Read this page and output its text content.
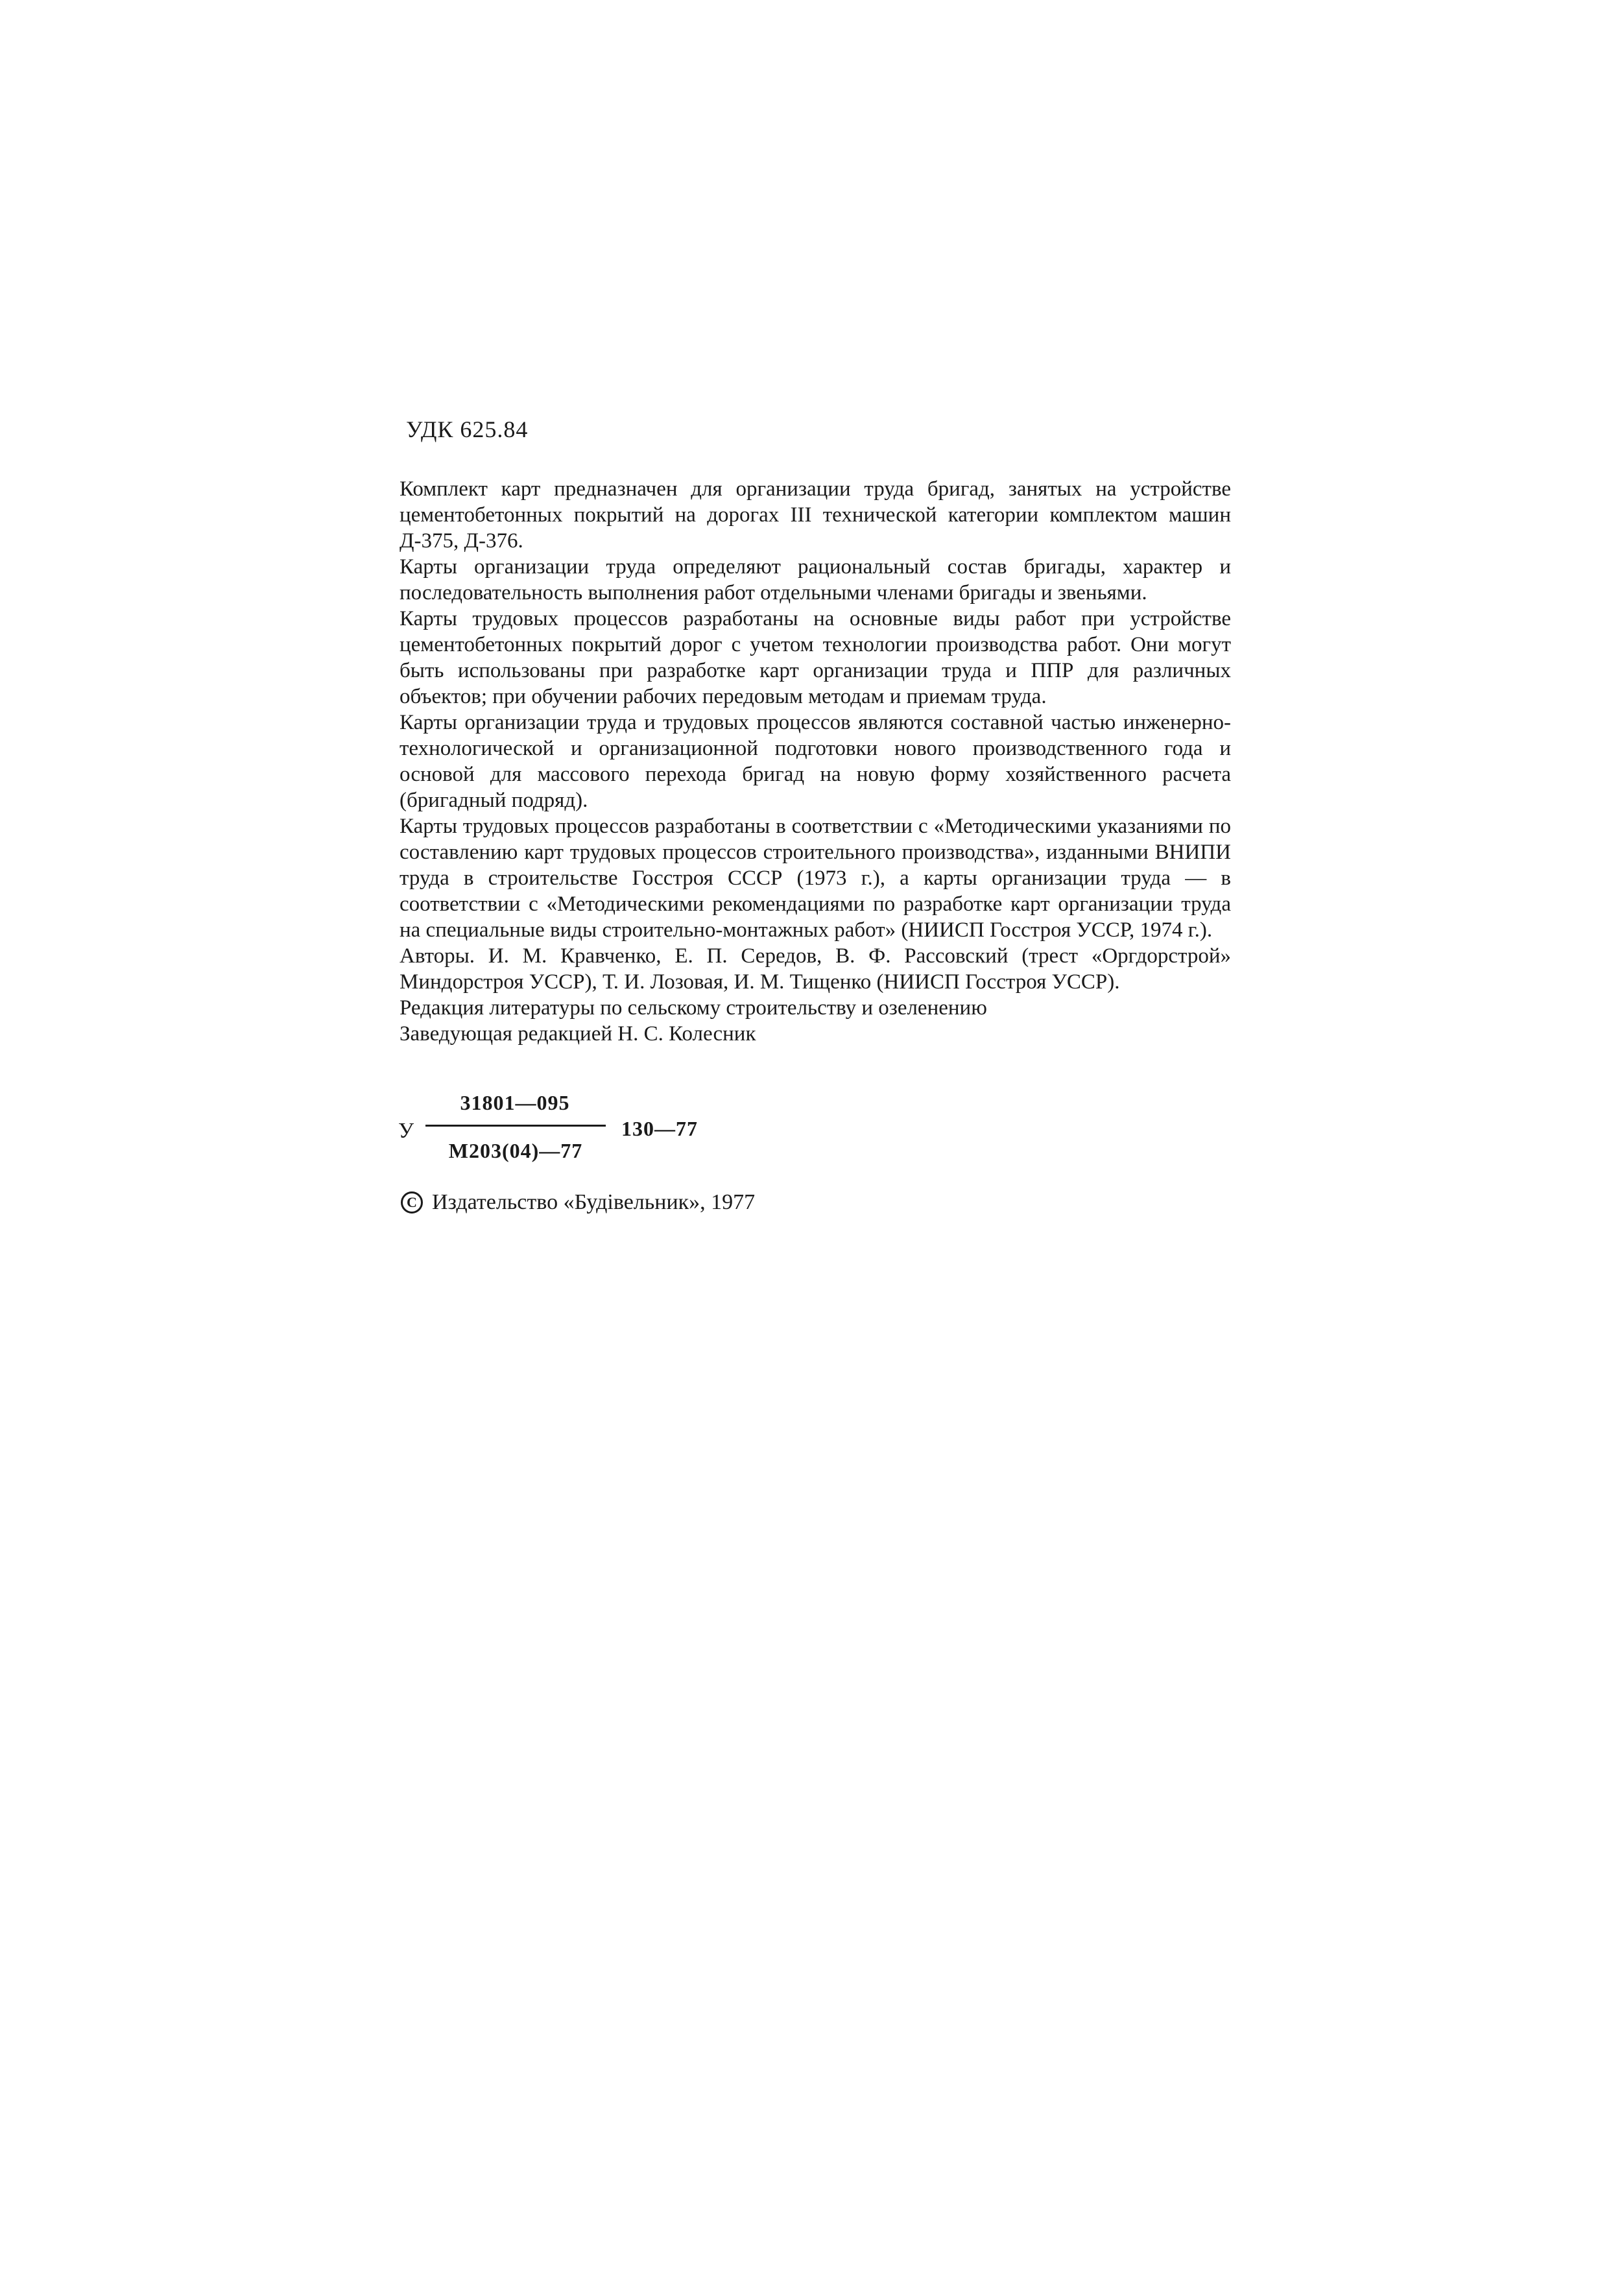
УДК 625.84

Комплект карт предназначен для организации труда бригад, занятых на устройстве цементобетонных покрытий на дорогах III технической категории комплектом машин Д-375, Д-376.

Карты организации труда определяют рациональный состав бригады, характер и последовательность выполнения работ отдельными членами бригады и звеньями.

Карты трудовых процессов разработаны на основные виды работ при устройстве цементобетонных покрытий дорог с учетом технологии производства работ. Они могут быть использованы при разработке карт организации труда и ППР для различных объектов; при обучении рабочих передовым методам и приемам труда.

Карты организации труда и трудовых процессов являются составной частью инженерно-технологической и организационной подготовки нового производственного года и основой для массового перехода бригад на новую форму хозяйственного расчета (бригадный подряд).

Карты трудовых процессов разработаны в соответствии с «Методическими указаниями по составлению карт трудовых процессов строительного производства», изданными ВНИПИ труда в строительстве Госстроя СССР (1973 г.), а карты организации труда — в соответствии с «Методическими рекомендациями по разработке карт организации труда на специальные виды строительно-монтажных работ» (НИИСП Госстроя УССР, 1974 г.).

Авторы. И. М. Кравченко, Е. П. Середов, В. Ф. Рассовский (трест «Оргдорстрой» Миндорстроя УССР), Т. И. Лозовая, И. М. Тищенко (НИИСП Госстроя УССР).

Редакция литературы по сельскому строительству и озеленению

Заведующая редакцией Н. С. Колесник

У
31801—095
М203(04)—77
130—77
C
Издательство «Будівельник», 1977
